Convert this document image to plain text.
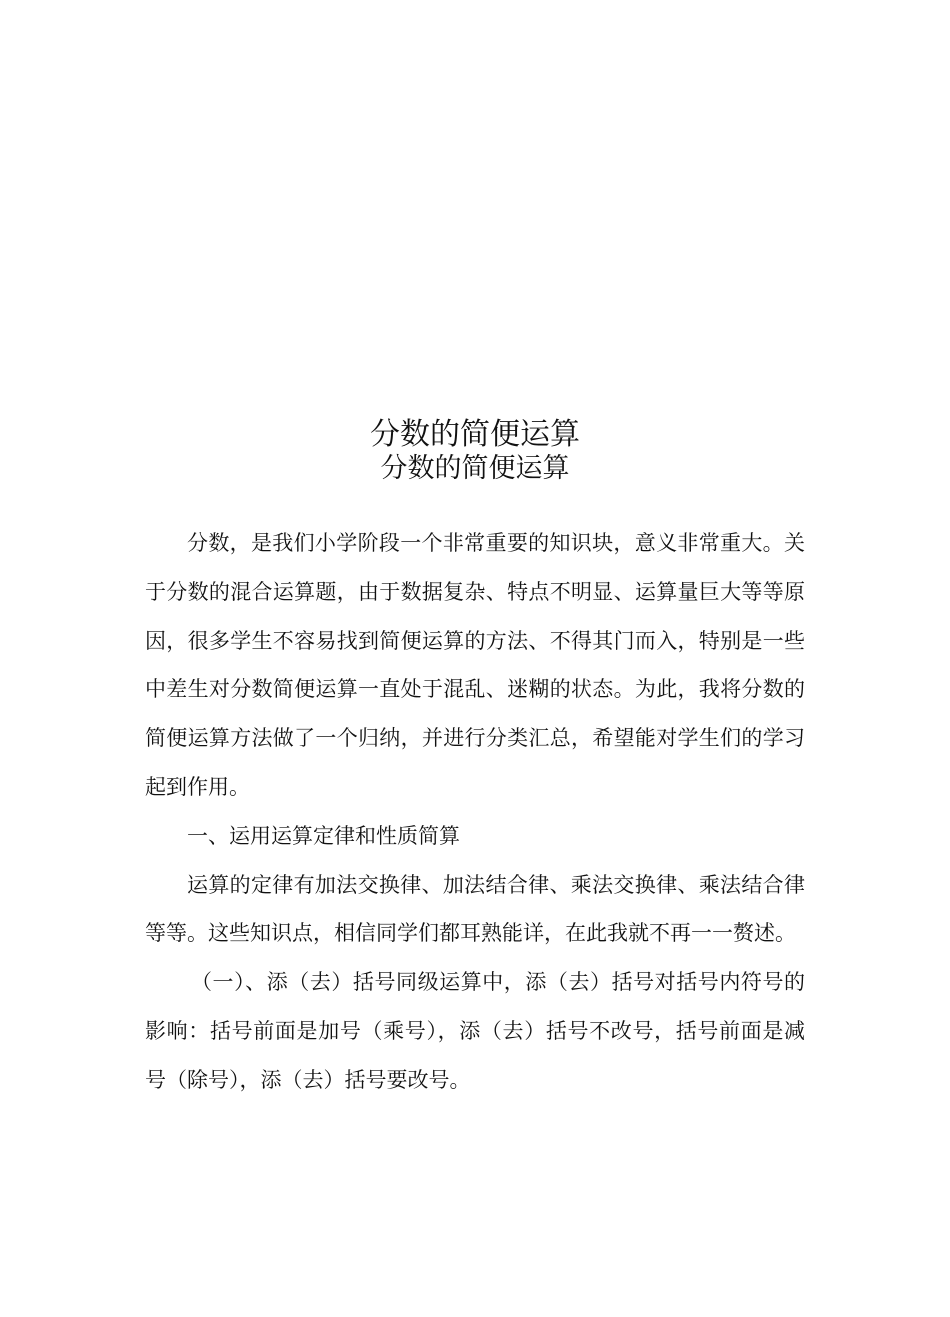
分数的简便运算
分数的简便运算

分数，是我们小学阶段一个非常重要的知识块，意义非常重大。关于分数的混合运算题，由于数据复杂、特点不明显、运算量巨大等等原因，很多学生不容易找到简便运算的方法、不得其门而入，特别是一些中差生对分数简便运算一直处于混乱、迷糊的状态。为此，我将分数的简便运算方法做了一个归纳，并进行分类汇总，希望能对学生们的学习起到作用。

一、运用运算定律和性质简算

运算的定律有加法交换律、加法结合律、乘法交换律、乘法结合律等等。这些知识点，相信同学们都耳熟能详，在此我就不再一一赘述。

（一）、添（去）括号同级运算中，添（去）括号对括号内符号的影响：括号前面是加号（乘号），添（去）括号不改号，括号前面是减号（除号），添（去）括号要改号。
